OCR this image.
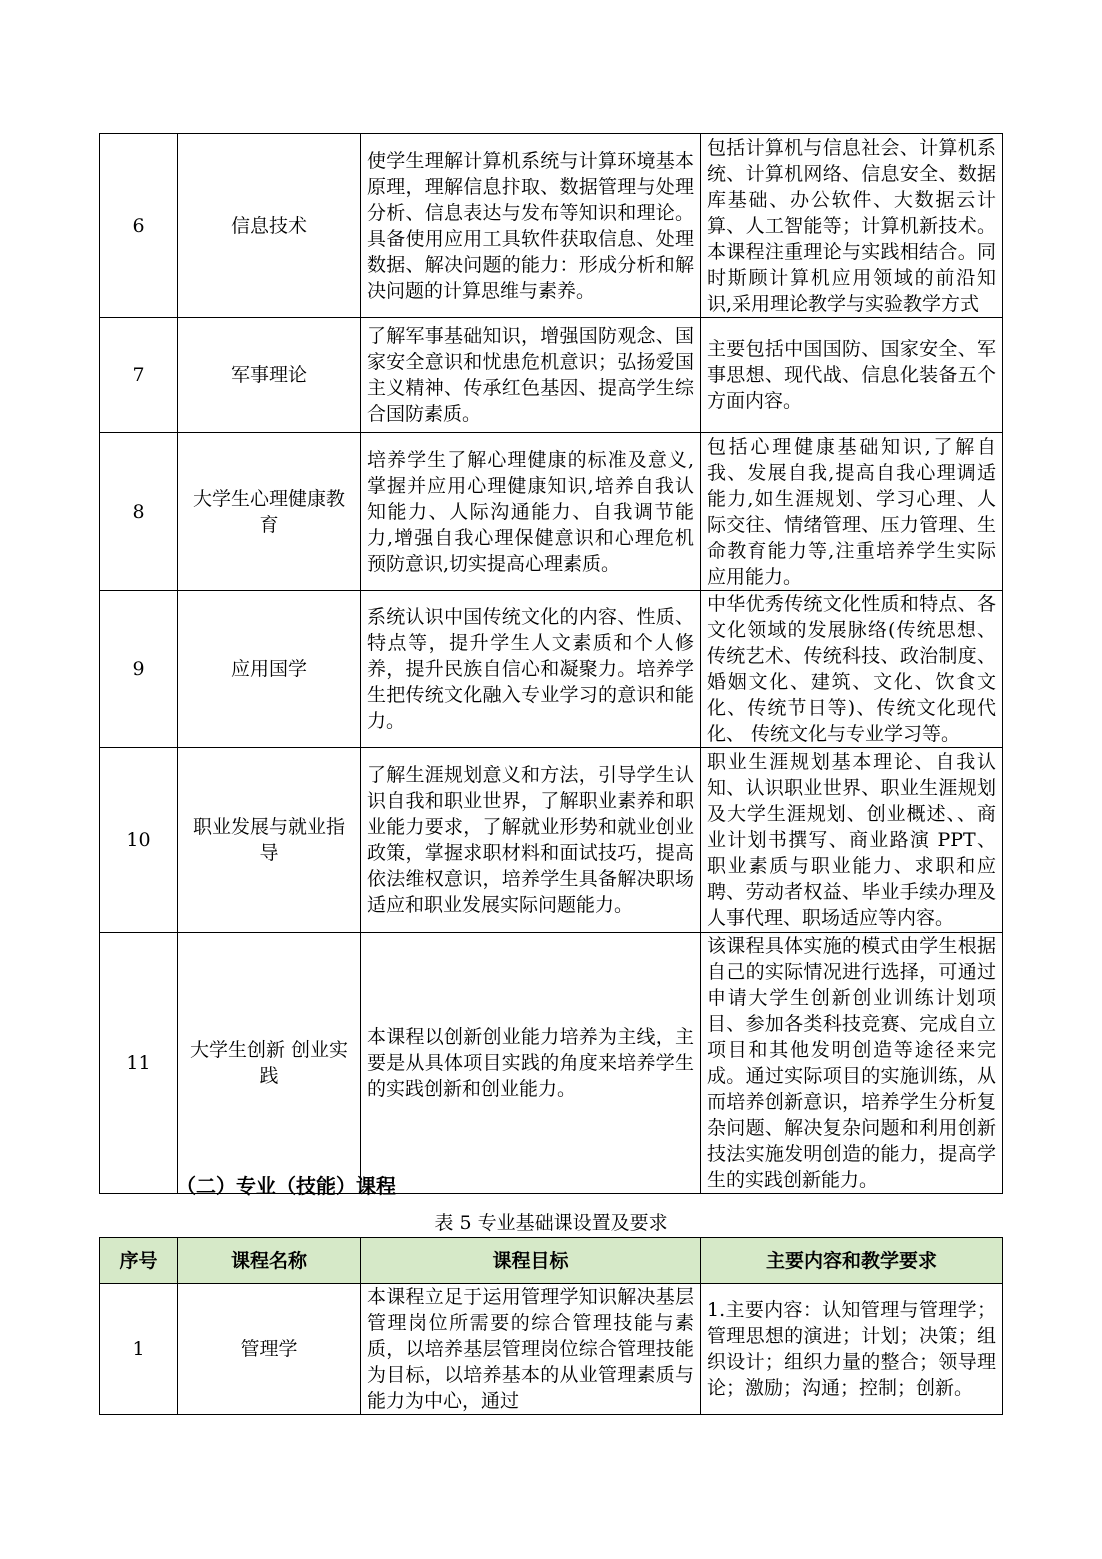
6	信息技术	使学生理解计算机系统与计算环境基本原理，理解信息抃取、数据管理与处理分析、信息表达与发布等知识和理论。具备使用应用工具软件获取信息、处理数据、解决问题的能力：形成分析和解决问题的计算思维与素养。	包括计算机与信息社会、计算机系统、计算机网络、信息安全、数据库基础、办公软件、大数据云计算、人工智能等；计算机新技术。本课程注重理论与实践相结合。同时斯顾计算机应用领域的前沿知识,采用理论教学与实验教学方式

7	军事理论	了解军事基础知识，增强国防观念、国家安全意识和忧患危机意识；弘扬爱国主义精神、传承红色基因、提高学生综合国防素质。	主要包括中国国防、国家安全、军事思想、现代战、信息化装备五个方面内容。

8	大学生心理健康教育	培养学生了解心理健康的标准及意义,掌握并应用心理健康知识,培养自我认知能力、人际沟通能力、自我调节能力,增强自我心理保健意识和心理危机预防意识,切实提高心理素质。	包括心理健康基础知识,了解自我、发展自我,提高自我心理调适能力,如生涯规划、学习心理、人际交往、情绪管理、压力管理、生命教育能力等,注重培养学生实际应用能力。

9	应用国学	系统认识中国传统文化的内容、性质、特点等，提升学生人文素质和个人修养，提升民族自信心和凝聚力。培养学生把传统文化融入专业学习的意识和能力。	中华优秀传统文化性质和特点、各文化领域的发展脉络(传统思想、传统艺术、传统科技、政治制度、婚姻文化、建筑、文化、饮食文化、传统节日等)、传统文化现代化、 传统文化与专业学习等。

10	职业发展与就业指导	了解生涯规划意义和方法，引导学生认识自我和职业世界，了解职业素养和职业能力要求，了解就业形势和就业创业政策，掌握求职材料和面试技巧，提高依法维权意识，培养学生具备解决职场适应和职业发展实际问题能力。	职业生涯规划基本理论、自我认知、认识职业世界、职业生涯规划及大学生涯规划、创业概述、、商业计划书撰写、商业路演 PPT、职业素质与职业能力、求职和应聘、劳动者权益、毕业手续办理及人事代理、职场适应等内容。

11	大学生创新 创业实践	本课程以创新创业能力培养为主线，主要是从具体项目实践的角度来培养学生的实践创新和创业能力。	该课程具体实施的模式由学生根据自己的实际情况进行选择，可通过申请大学生创新创业训练计划项目、参加各类科技竞赛、完成自立项目和其他发明创造等途径来完成。通过实际项目的实施训练，从而培养创新意识，培养学生分析复杂问题、解决复杂问题和利用创新技法实施发明创造的能力，提高学生的实践创新能力。

（二）专业（技能）课程

表 5 专业基础课设置及要求

序号	课程名称	课程目标	主要内容和教学要求
1	管理学	本课程立足于运用管理学知识解决基层管理岗位所需要的综合管理技能与素质，以培养基层管理岗位综合管理技能为目标，以培养基本的从业管理素质与能力为中心，通过	1.主要内容：认知管理与管理学；管理思想的演进；计划；决策；组织设计；组织力量的整合；领导理论；激励；沟通；控制；创新。
